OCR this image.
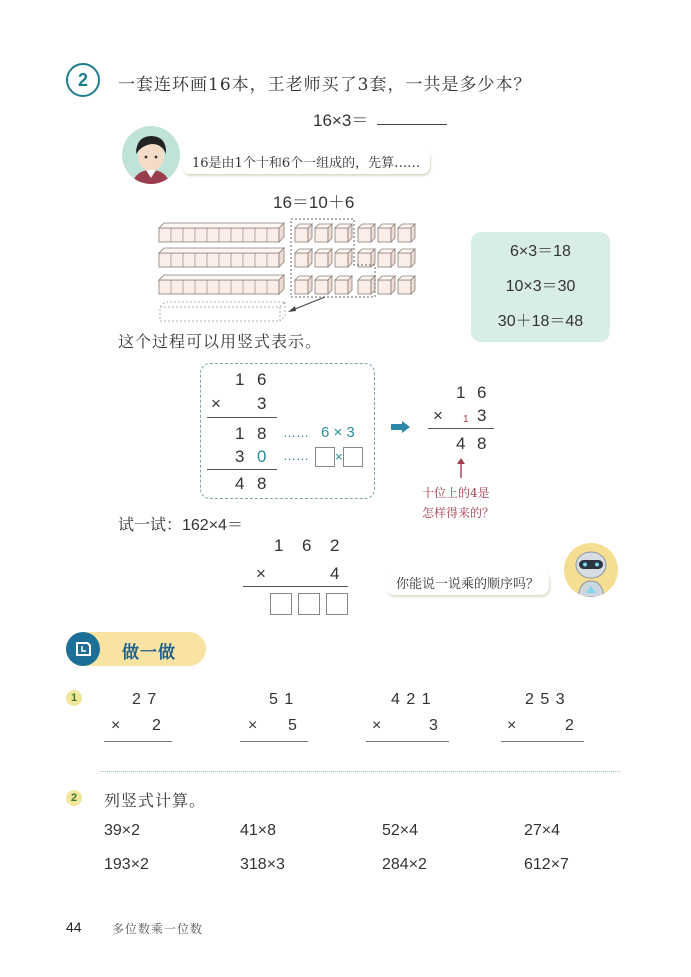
2	一套连环画16本，王老师买了3套，一共是多少本？
16×3＝
16是由1个十和6个一组成的，先算……
16＝10＋6
6×3＝18
10×3＝30
30＋18＝48
这个过程可以用竖式表示。
1 6
× 3
1 8 …… 6 × 3
3 0 ……	×
4 8
1 6
× 1 3
4 8
十位上的4是
怎样得来的？
试一试：162×4＝
1 6 2
×	4
你能说一说乘的顺序吗？
做一做
1	2 7
× 2
5 1
× 5
4 2 1
×	3
2 5 3
×	2
2	列竖式计算。
39×2	41×8	52×4	27×4
193×2	318×3	284×2	612×7
44	多位数乘一位数
